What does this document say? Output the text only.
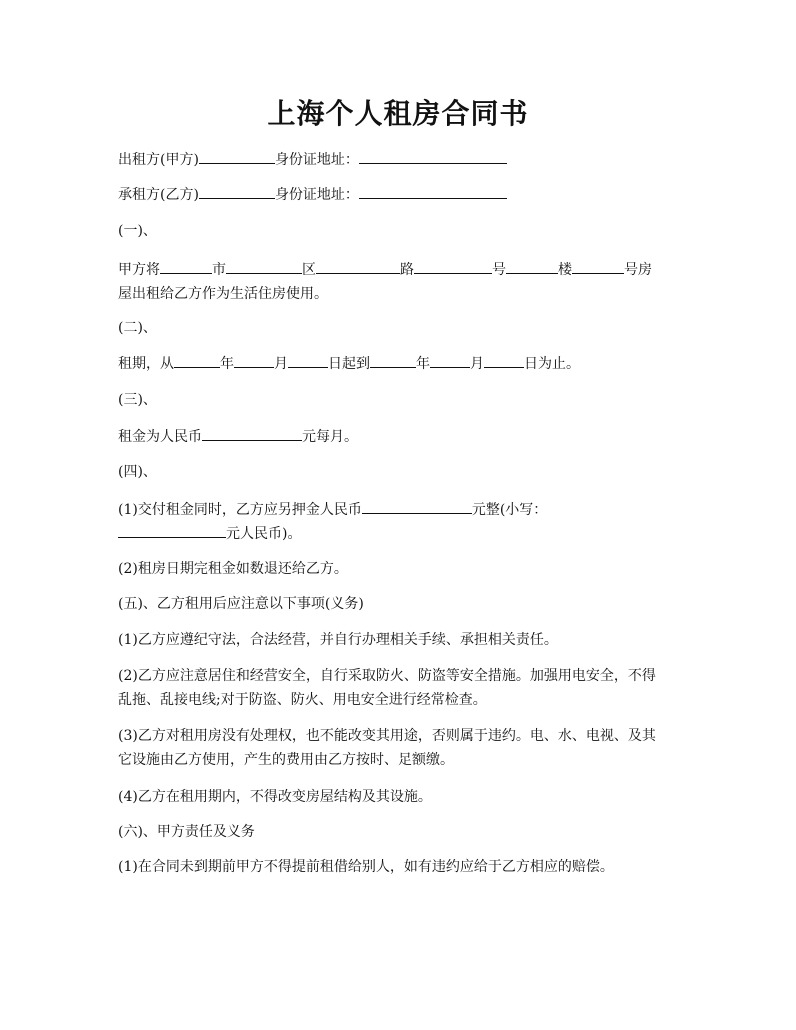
上海个人租房合同书
出租方(甲方)	身份证地址：
承租方(乙方)	身份证地址：
(一)、
甲方将	市	区	路	号	楼	号房
屋出租给乙方作为生活住房使用。
(二)、
租期，从	年	月	日起到	年	月	日为止。
(三)、
租金为人民币	元每月。
(四)、
(1)交付租金同时，乙方应另押金人民币	元整(小写：
元人民币)。
(2)租房日期完租金如数退还给乙方。
(五)、乙方租用后应注意以下事项(义务)
(1)乙方应遵纪守法，合法经营，并自行办理相关手续、承担相关责任。
(2)乙方应注意居住和经营安全，自行采取防火、防盗等安全措施。加强用电安全，不得乱拖、乱接电线;对于防盗、防火、用电安全进行经常检查。
(3)乙方对租用房没有处理权，也不能改变其用途，否则属于违约。电、水、电视、及其它设施由乙方使用，产生的费用由乙方按时、足额缴。
(4)乙方在租用期内，不得改变房屋结构及其设施。
(六)、甲方责任及义务
(1)在合同未到期前甲方不得提前租借给别人，如有违约应给于乙方相应的赔偿。
